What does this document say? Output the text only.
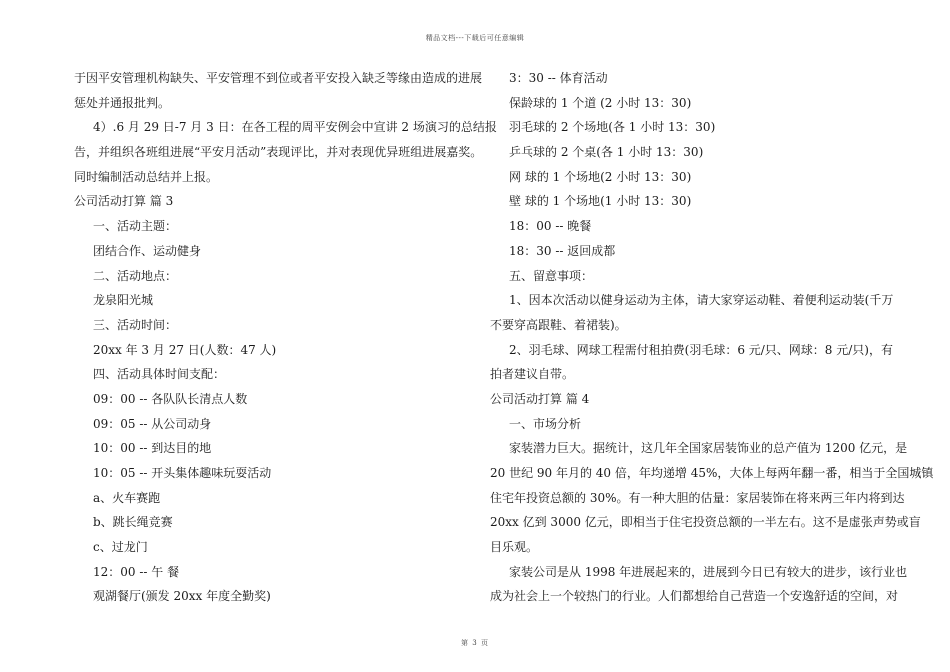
精品文档---下载后可任意编辑
于因平安管理机构缺失、平安管理不到位或者平安投入缺乏等缘由造成的进展
惩处并通报批判。
4）.6 月 29 日-7 月 3 日：在各工程的周平安例会中宣讲 2 场演习的总结报
告，并组织各班组进展“平安月活动”表现评比，并对表现优异班组进展嘉奖。
同时编制活动总结并上报。
公司活动打算 篇 3
一、活动主题：
团结合作、运动健身
二、活动地点：
龙泉阳光城
三、活动时间：
20xx 年 3 月 27 日(人数：47 人)
四、活动具体时间支配：
09：00 -- 各队队长清点人数
09：05 -- 从公司动身
10：00 -- 到达目的地
10：05 -- 开头集体趣味玩耍活动
a、火车赛跑
b、跳长绳竞赛
c、过龙门
12：00 -- 午 餐
观湖餐厅(颁发 20xx 年度全勤奖)
3：30 -- 体育活动
保龄球的 1 个道 (2 小时 13：30)
羽毛球的 2 个场地(各 1 小时 13：30)
乒乓球的 2 个桌(各 1 小时 13：30)
网 球的 1 个场地(2 小时 13：30)
壁 球的 1 个场地(1 小时 13：30)
18：00 -- 晚餐
18：30 -- 返回成都
五、留意事项：
1、因本次活动以健身运动为主体，请大家穿运动鞋、着便利运动装(千万
不要穿高跟鞋、着裙装)。
2、羽毛球、网球工程需付租拍费(羽毛球：6 元/只、网球：8 元/只)，有
拍者建议自带。
公司活动打算 篇 4
一、市场分析
家装潜力巨大。据统计，这几年全国家居装饰业的总产值为 1200 亿元，是
20 世纪 90 年月的 40 倍，年均递增 45%，大体上每两年翻一番，相当于全国城镇
住宅年投资总额的 30%。有一种大胆的估量：家居装饰在将来两三年内将到达
20xx 亿到 3000 亿元，即相当于住宅投资总额的一半左右。这不是虚张声势或盲
目乐观。
家装公司是从 1998 年进展起来的，进展到今日已有较大的进步，该行业也
成为社会上一个较热门的行业。人们都想给自己营造一个安逸舒适的空间，对
第 3 页
